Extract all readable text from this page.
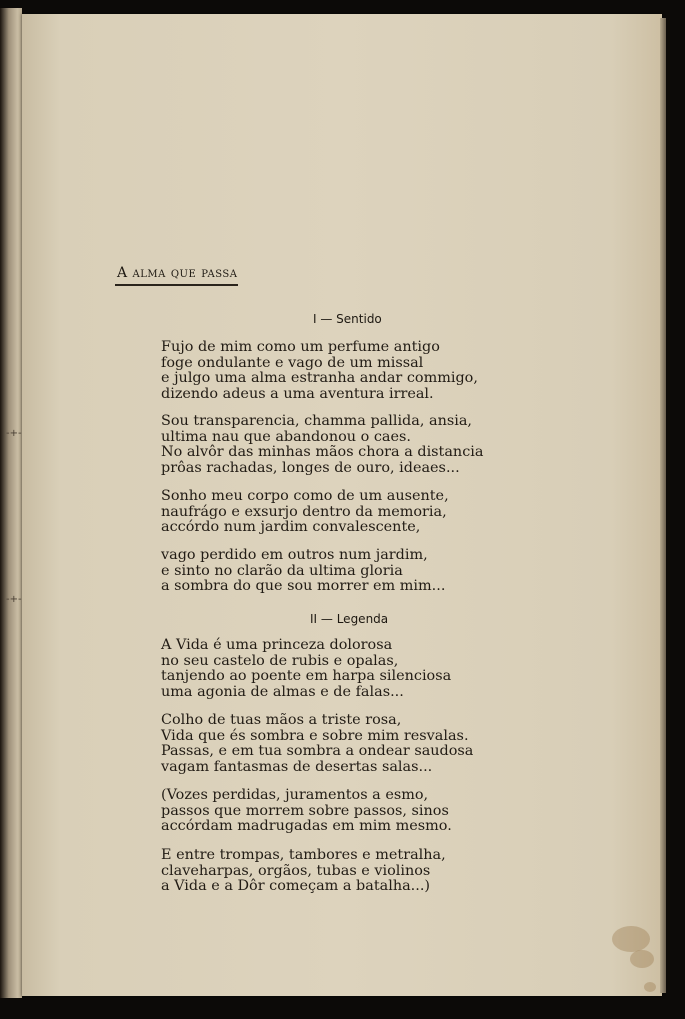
A alma que passa
I — Sentido
Fujo de mim como um perfume antigo
foge ondulante e vago de um missal
e julgo uma alma estranha andar commigo,
dizendo adeus a uma aventura irreal.
Sou transparencia, chamma pallida, ansia,
ultima nau que abandonou o caes.
No alvôr das minhas mãos chora a distancia
prôas rachadas, longes de ouro, ideaes...
Sonho meu corpo como de um ausente,
naufrágo e exsurjo dentro da memoria,
accórdo num jardim convalescente,
vago perdido em outros num jardim,
e sinto no clarão da ultima gloria
a sombra do que sou morrer em mim...
II — Legenda
A Vida é uma princeza dolorosa
no seu castelo de rubis e opalas,
tanjendo ao poente em harpa silenciosa
uma agonia de almas e de falas...
Colho de tuas mãos a triste rosa,
Vida que és sombra e sobre mim resvalas.
Passas, e em tua sombra a ondear saudosa
vagam fantasmas de desertas salas...
(Vozes perdidas, juramentos a esmo,
passos que morrem sobre passos, sinos
accórdam madrugadas em mim mesmo.
E entre trompas, tambores e metralha,
claveharpas, orgãos, tubas e violinos
a Vida e a Dôr começam a batalha...)
-+-
-+-
